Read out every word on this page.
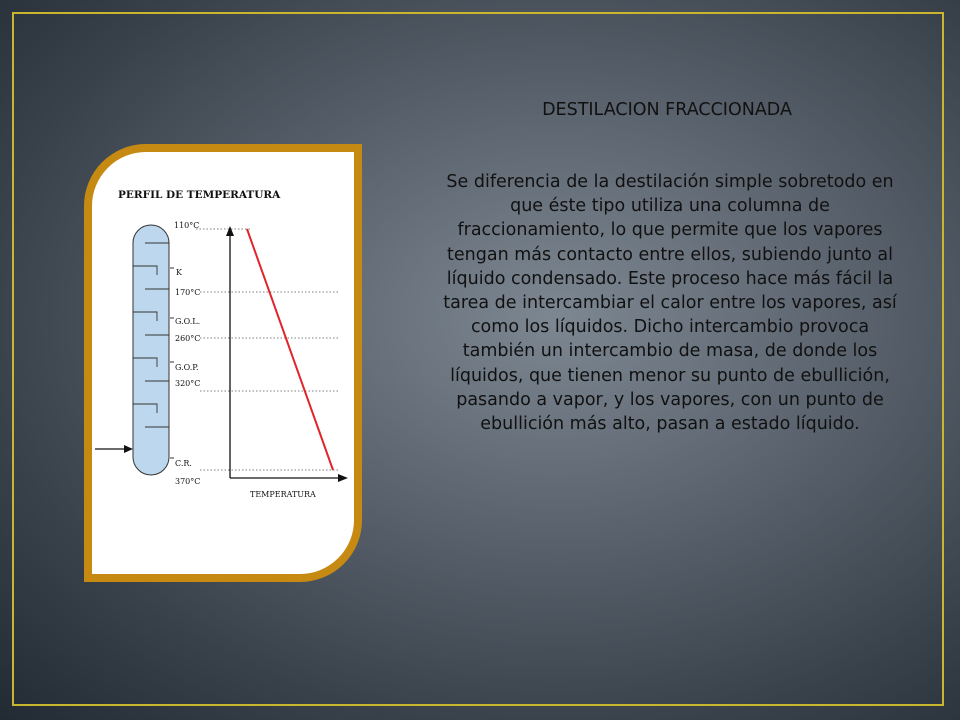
DESTILACION FRACCIONADA
Se diferencia de la destilación simple sobretodo en que éste tipo utiliza una columna de fraccionamiento, lo que permite que los vapores tengan más contacto entre ellos, subiendo junto al líquido condensado. Este proceso hace más fácil la tarea de intercambiar el calor entre los vapores, así como los líquidos. Dicho intercambio provoca también un intercambio de masa, de donde los líquidos, que tienen menor su punto de ebullición, pasando a vapor, y los vapores, con un punto de ebullición más alto, pasan a estado líquido.
PERFIL DE TEMPERATURA
110°C
K
170°C
G.O.L.
260°C
G.O.P.
320°C
C.R.
370°C
TEMPERATURA
